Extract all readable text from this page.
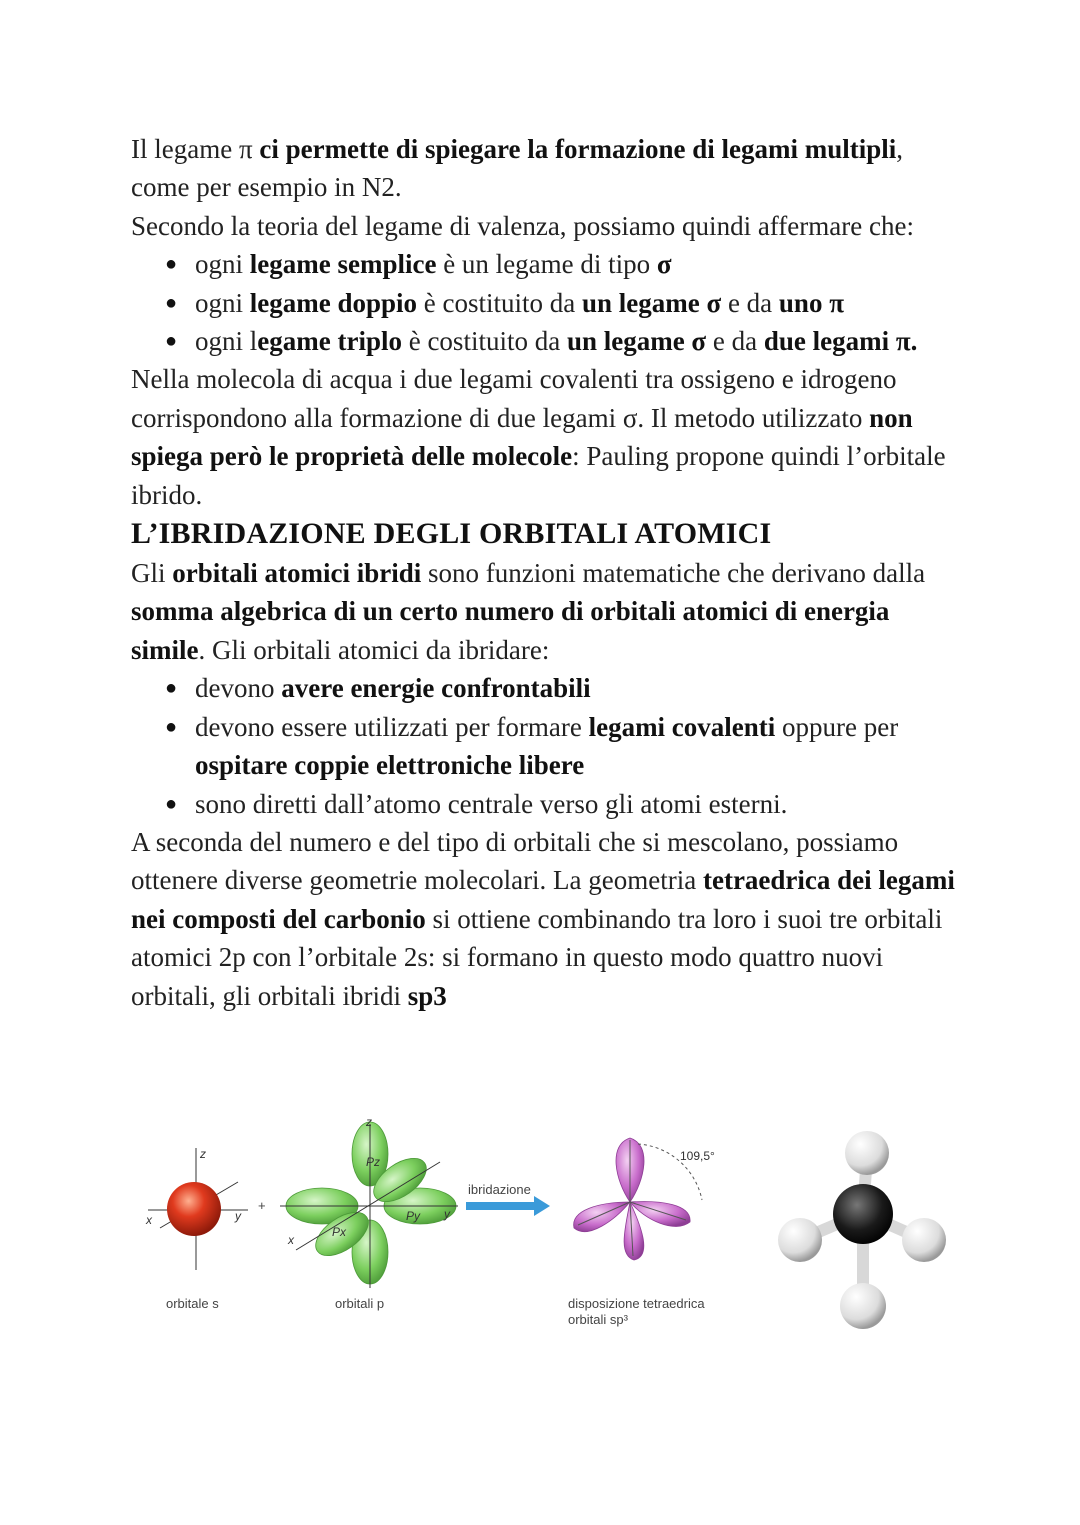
Il legame π ci permette di spiegare la formazione di legami multipli, come per esempio in N2.

Secondo la teoria del legame di valenza, possiamo quindi affermare che:

● ogni legame semplice è un legame di tipo σ
● ogni legame doppio è costituito da un legame σ e da uno π
● ogni legame triplo è costituito da un legame σ e da due legami π.

Nella molecola di acqua i due legami covalenti tra ossigeno e idrogeno corrispondono alla formazione di due legami σ. Il metodo utilizzato non spiega però le proprietà delle molecole: Pauling propone quindi l’orbitale ibrido.

L’IBRIDAZIONE DEGLI ORBITALI ATOMICI

Gli orbitali atomici ibridi sono funzioni matematiche che derivano dalla somma algebrica di un certo numero di orbitali atomici di energia simile. Gli orbitali atomici da ibridare:

● devono avere energie confrontabili
● devono essere utilizzati per formare legami covalenti oppure per ospitare coppie elettroniche libere
● sono diretti dall’atomo centrale verso gli atomi esterni.

A seconda del numero e del tipo di orbitali che si mescolano, possiamo ottenere diverse geometrie molecolari. La geometria tetraedrica dei legami nei composti del carbonio si ottiene combinando tra loro i suoi tre orbitali atomici 2p con l’orbitale 2s: si formano in questo modo quattro nuovi orbitali, gli orbitali ibridi sp3

z
y
x
orbitale s
+
z
y
x
Pz
Py
Px
orbitali p
ibridazione
109,5°
disposizione tetraedrica
orbitali sp³
